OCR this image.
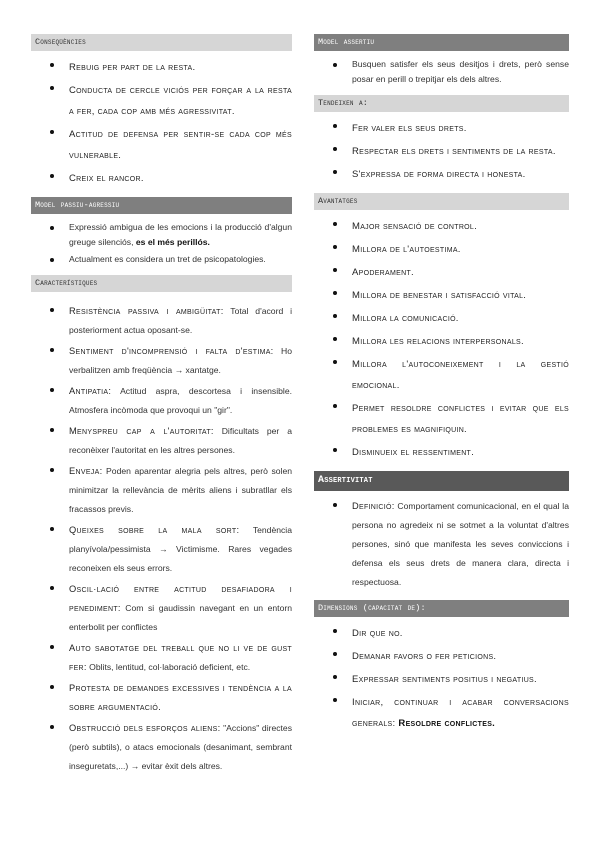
Conseqüències
Rebuig per part de la resta.
Conducta de cercle viciós per forçar a la resta a fer, cada cop amb més agressivitat.
Actitud de defensa per sentir-se cada cop més vulnerable.
Creix el rancor.
Model passiu-agressiu
Expressió ambigua de les emocions i la producció d'algun greuge silenciós, es el més perillós.
Actualment es considera un tret de psicopatologies.
Característiques
Resistència passiva i ambigüitat: Total d'acord i posteriorment actua oposant-se.
Sentiment d'incomprensió i falta d'estima: Ho verbalitzen amb freqüència → xantatge.
Antipatia: Actitud aspra, descortesa i insensible. Atmosfera incòmoda que provoqui un "gir".
Menyspreu cap a l'autoritat: Dificultats per a reconèixer l'autoritat en les altres persones.
Enveja: Poden aparentar alegria pels altres, però solen minimitzar la rellevància de mèrits aliens i subratllar els fracassos previs.
Queixes sobre la mala sort: Tendència planyívola/pessimista → Victimisme. Rares vegades reconeixen els seus errors.
Oscil·lació entre actitud desafiadora i penediment: Com si gaudissin navegant en un entorn enterbolit per conflictes
Auto sabotatge del treball que no li ve de gust fer: Oblits, lentitud, col·laboració deficient, etc.
Protesta de demandes excessives i tendència a la sobre argumentació.
Obstrucció dels esforços aliens: "Accions" directes (però subtils), o atacs emocionals (desanimant, sembrant inseguretats,...) → evitar èxit dels altres.
Model assertiu
Busquen satisfer els seus desitjos i drets, però sense posar en perill o trepitjar els dels altres.
Tendeixen a:
Fer valer els seus drets.
Respectar els drets i sentiments de la resta.
S'expressa de forma directa i honesta.
Avantatges
Major sensació de control.
Millora de l'autoestima.
Apoderament.
Millora de benestar i satisfacció vital.
Millora la comunicació.
Millora les relacions interpersonals.
Millora l'autoconeixement i la gestió emocional.
Permet resoldre conflictes i evitar que els problemes es magnifiquin.
Disminueix el ressentiment.
Assertivitat
Definició: Comportament comunicacional, en el qual la persona no agredeix ni se sotmet a la voluntat d'altres persones, sinó que manifesta les seves conviccions i defensa els seus drets de manera clara, directa i respectuosa.
Dimensions (capacitat de):
Dir que no.
Demanar favors o fer peticions.
Expressar sentiments positius i negatius.
Iniciar, continuar i acabar conversacions generals: Resoldre conflictes.
